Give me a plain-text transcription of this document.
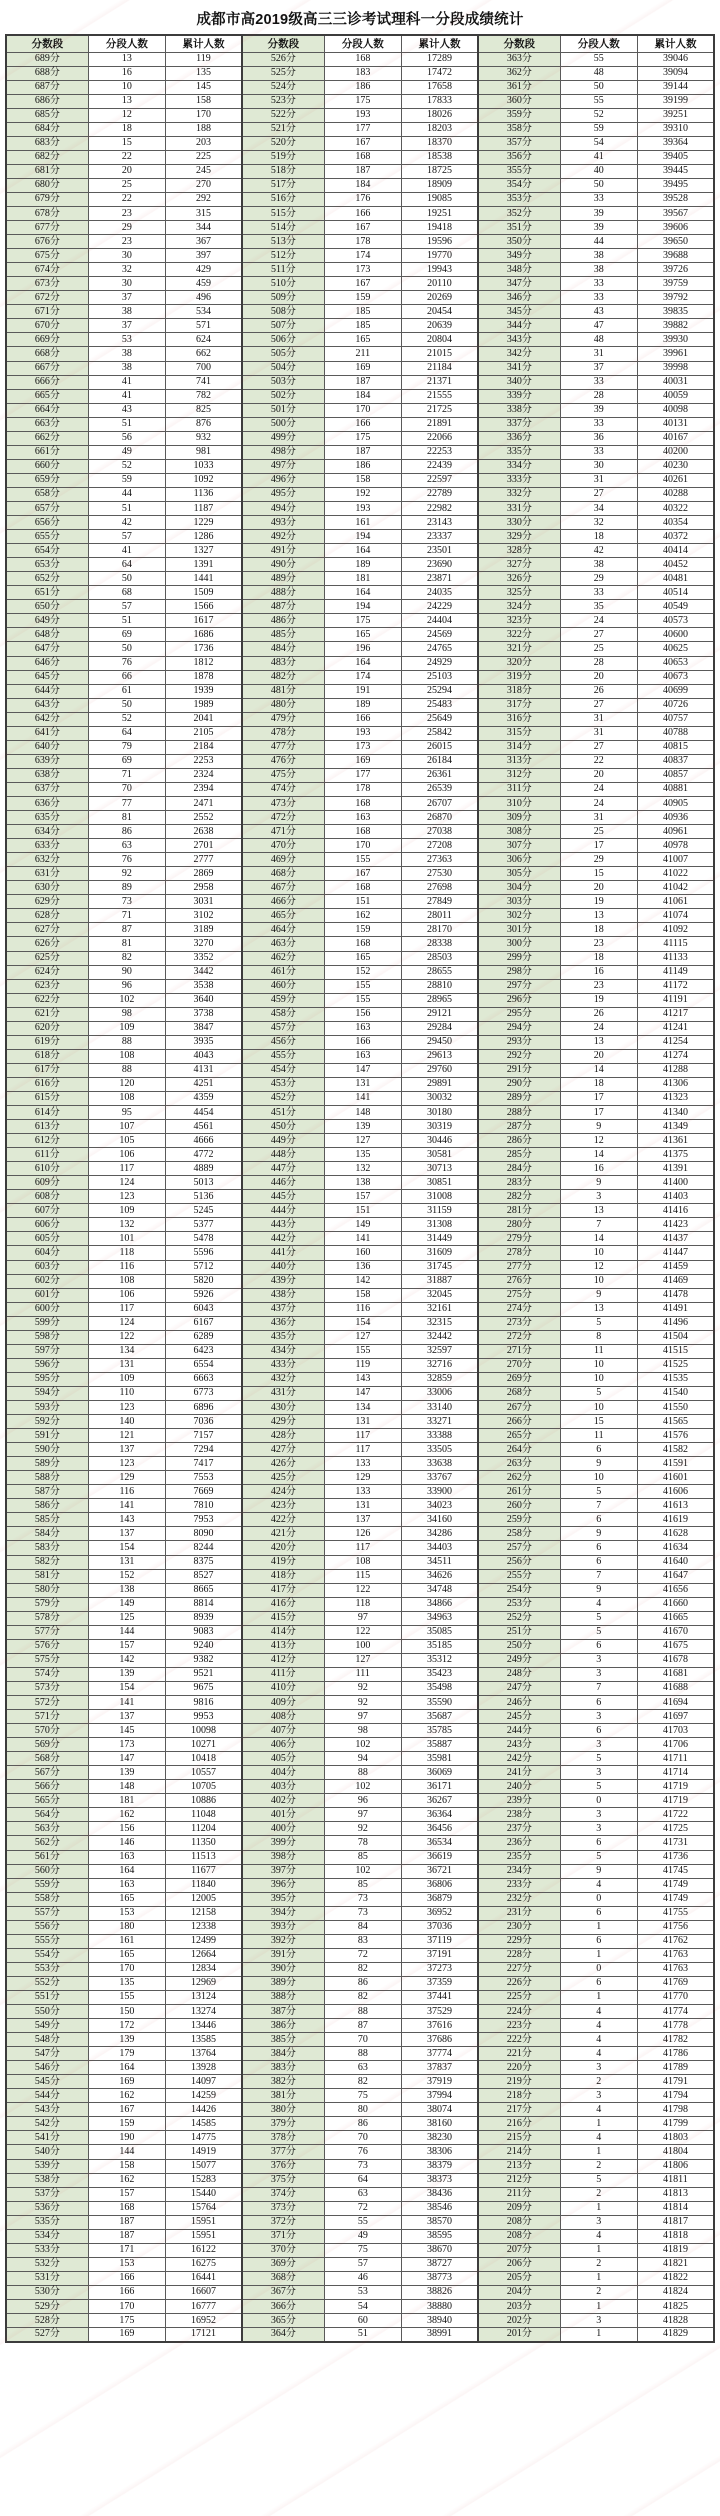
成都市高2019级高三三诊考试理科一分段成绩统计
分数段	分段人数	累计人数	分数段	分段人数	累计人数	分数段	分段人数	累计人数
689分	13	119	526分	168	17289	363分	55	39046
688分	16	135	525分	183	17472	362分	48	39094
687分	10	145	524分	186	17658	361分	50	39144
686分	13	158	523分	175	17833	360分	55	39199
685分	12	170	522分	193	18026	359分	52	39251
684分	18	188	521分	177	18203	358分	59	39310
683分	15	203	520分	167	18370	357分	54	39364
682分	22	225	519分	168	18538	356分	41	39405
681分	20	245	518分	187	18725	355分	40	39445
680分	25	270	517分	184	18909	354分	50	39495
679分	22	292	516分	176	19085	353分	33	39528
678分	23	315	515分	166	19251	352分	39	39567
677分	29	344	514分	167	19418	351分	39	39606
676分	23	367	513分	178	19596	350分	44	39650
675分	30	397	512分	174	19770	349分	38	39688
674分	32	429	511分	173	19943	348分	38	39726
673分	30	459	510分	167	20110	347分	33	39759
672分	37	496	509分	159	20269	346分	33	39792
671分	38	534	508分	185	20454	345分	43	39835
670分	37	571	507分	185	20639	344分	47	39882
669分	53	624	506分	165	20804	343分	48	39930
668分	38	662	505分	211	21015	342分	31	39961
667分	38	700	504分	169	21184	341分	37	39998
666分	41	741	503分	187	21371	340分	33	40031
665分	41	782	502分	184	21555	339分	28	40059
664分	43	825	501分	170	21725	338分	39	40098
663分	51	876	500分	166	21891	337分	33	40131
662分	56	932	499分	175	22066	336分	36	40167
661分	49	981	498分	187	22253	335分	33	40200
660分	52	1033	497分	186	22439	334分	30	40230
659分	59	1092	496分	158	22597	333分	31	40261
658分	44	1136	495分	192	22789	332分	27	40288
657分	51	1187	494分	193	22982	331分	34	40322
656分	42	1229	493分	161	23143	330分	32	40354
655分	57	1286	492分	194	23337	329分	18	40372
654分	41	1327	491分	164	23501	328分	42	40414
653分	64	1391	490分	189	23690	327分	38	40452
652分	50	1441	489分	181	23871	326分	29	40481
651分	68	1509	488分	164	24035	325分	33	40514
650分	57	1566	487分	194	24229	324分	35	40549
649分	51	1617	486分	175	24404	323分	24	40573
648分	69	1686	485分	165	24569	322分	27	40600
647分	50	1736	484分	196	24765	321分	25	40625
646分	76	1812	483分	164	24929	320分	28	40653
645分	66	1878	482分	174	25103	319分	20	40673
644分	61	1939	481分	191	25294	318分	26	40699
643分	50	1989	480分	189	25483	317分	27	40726
642分	52	2041	479分	166	25649	316分	31	40757
641分	64	2105	478分	193	25842	315分	31	40788
640分	79	2184	477分	173	26015	314分	27	40815
639分	69	2253	476分	169	26184	313分	22	40837
638分	71	2324	475分	177	26361	312分	20	40857
637分	70	2394	474分	178	26539	311分	24	40881
636分	77	2471	473分	168	26707	310分	24	40905
635分	81	2552	472分	163	26870	309分	31	40936
634分	86	2638	471分	168	27038	308分	25	40961
633分	63	2701	470分	170	27208	307分	17	40978
632分	76	2777	469分	155	27363	306分	29	41007
631分	92	2869	468分	167	27530	305分	15	41022
630分	89	2958	467分	168	27698	304分	20	41042
629分	73	3031	466分	151	27849	303分	19	41061
628分	71	3102	465分	162	28011	302分	13	41074
627分	87	3189	464分	159	28170	301分	18	41092
626分	81	3270	463分	168	28338	300分	23	41115
625分	82	3352	462分	165	28503	299分	18	41133
624分	90	3442	461分	152	28655	298分	16	41149
623分	96	3538	460分	155	28810	297分	23	41172
622分	102	3640	459分	155	28965	296分	19	41191
621分	98	3738	458分	156	29121	295分	26	41217
620分	109	3847	457分	163	29284	294分	24	41241
619分	88	3935	456分	166	29450	293分	13	41254
618分	108	4043	455分	163	29613	292分	20	41274
617分	88	4131	454分	147	29760	291分	14	41288
616分	120	4251	453分	131	29891	290分	18	41306
615分	108	4359	452分	141	30032	289分	17	41323
614分	95	4454	451分	148	30180	288分	17	41340
613分	107	4561	450分	139	30319	287分	9	41349
612分	105	4666	449分	127	30446	286分	12	41361
611分	106	4772	448分	135	30581	285分	14	41375
610分	117	4889	447分	132	30713	284分	16	41391
609分	124	5013	446分	138	30851	283分	9	41400
608分	123	5136	445分	157	31008	282分	3	41403
607分	109	5245	444分	151	31159	281分	13	41416
606分	132	5377	443分	149	31308	280分	7	41423
605分	101	5478	442分	141	31449	279分	14	41437
604分	118	5596	441分	160	31609	278分	10	41447
603分	116	5712	440分	136	31745	277分	12	41459
602分	108	5820	439分	142	31887	276分	10	41469
601分	106	5926	438分	158	32045	275分	9	41478
600分	117	6043	437分	116	32161	274分	13	41491
599分	124	6167	436分	154	32315	273分	5	41496
598分	122	6289	435分	127	32442	272分	8	41504
597分	134	6423	434分	155	32597	271分	11	41515
596分	131	6554	433分	119	32716	270分	10	41525
595分	109	6663	432分	143	32859	269分	10	41535
594分	110	6773	431分	147	33006	268分	5	41540
593分	123	6896	430分	134	33140	267分	10	41550
592分	140	7036	429分	131	33271	266分	15	41565
591分	121	7157	428分	117	33388	265分	11	41576
590分	137	7294	427分	117	33505	264分	6	41582
589分	123	7417	426分	133	33638	263分	9	41591
588分	129	7553	425分	129	33767	262分	10	41601
587分	116	7669	424分	133	33900	261分	5	41606
586分	141	7810	423分	131	34023	260分	7	41613
585分	143	7953	422分	137	34160	259分	6	41619
584分	137	8090	421分	126	34286	258分	9	41628
583分	154	8244	420分	117	34403	257分	6	41634
582分	131	8375	419分	108	34511	256分	6	41640
581分	152	8527	418分	115	34626	255分	7	41647
580分	138	8665	417分	122	34748	254分	9	41656
579分	149	8814	416分	118	34866	253分	4	41660
578分	125	8939	415分	97	34963	252分	5	41665
577分	144	9083	414分	122	35085	251分	5	41670
576分	157	9240	413分	100	35185	250分	6	41675
575分	142	9382	412分	127	35312	249分	3	41678
574分	139	9521	411分	111	35423	248分	3	41681
573分	154	9675	410分	92	35498	247分	7	41688
572分	141	9816	409分	92	35590	246分	6	41694
571分	137	9953	408分	97	35687	245分	3	41697
570分	145	10098	407分	98	35785	244分	6	41703
569分	173	10271	406分	102	35887	243分	3	41706
568分	147	10418	405分	94	35981	242分	5	41711
567分	139	10557	404分	88	36069	241分	3	41714
566分	148	10705	403分	102	36171	240分	5	41719
565分	181	10886	402分	96	36267	239分	0	41719
564分	162	11048	401分	97	36364	238分	3	41722
563分	156	11204	400分	92	36456	237分	3	41725
562分	146	11350	399分	78	36534	236分	6	41731
561分	163	11513	398分	85	36619	235分	5	41736
560分	164	11677	397分	102	36721	234分	9	41745
559分	163	11840	396分	85	36806	233分	4	41749
558分	165	12005	395分	73	36879	232分	0	41749
557分	153	12158	394分	73	36952	231分	6	41755
556分	180	12338	393分	84	37036	230分	1	41756
555分	161	12499	392分	83	37119	229分	6	41762
554分	165	12664	391分	72	37191	228分	1	41763
553分	170	12834	390分	82	37273	227分	0	41763
552分	135	12969	389分	86	37359	226分	6	41769
551分	155	13124	388分	82	37441	225分	1	41770
550分	150	13274	387分	88	37529	224分	4	41774
549分	172	13446	386分	87	37616	223分	4	41778
548分	139	13585	385分	70	37686	222分	4	41782
547分	179	13764	384分	88	37774	221分	4	41786
546分	164	13928	383分	63	37837	220分	3	41789
545分	169	14097	382分	82	37919	219分	2	41791
544分	162	14259	381分	75	37994	218分	3	41794
543分	167	14426	380分	80	38074	217分	4	41798
542分	159	14585	379分	86	38160	216分	1	41799
541分	190	14775	378分	70	38230	215分	4	41803
540分	144	14919	377分	76	38306	214分	1	41804
539分	158	15077	376分	73	38379	213分	2	41806
538分	162	15283	375分	64	38373	212分	5	41811
537分	157	15440	374分	63	38436	211分	2	41813
536分	168	15764	373分	72	38546	209分	1	41814
535分	187	15951	372分	55	38570	208分	3	41817
534分	187	15951	371分	49	38595	208分	4	41818
533分	171	16122	370分	75	38670	207分	1	41819
532分	153	16275	369分	57	38727	206分	2	41821
531分	166	16441	368分	46	38773	205分	1	41822
530分	166	16607	367分	53	38826	204分	2	41824
529分	170	16777	366分	54	38880	203分	1	41825
528分	175	16952	365分	60	38940	202分	3	41828
527分	169	17121	364分	51	38991	201分	1	41829
